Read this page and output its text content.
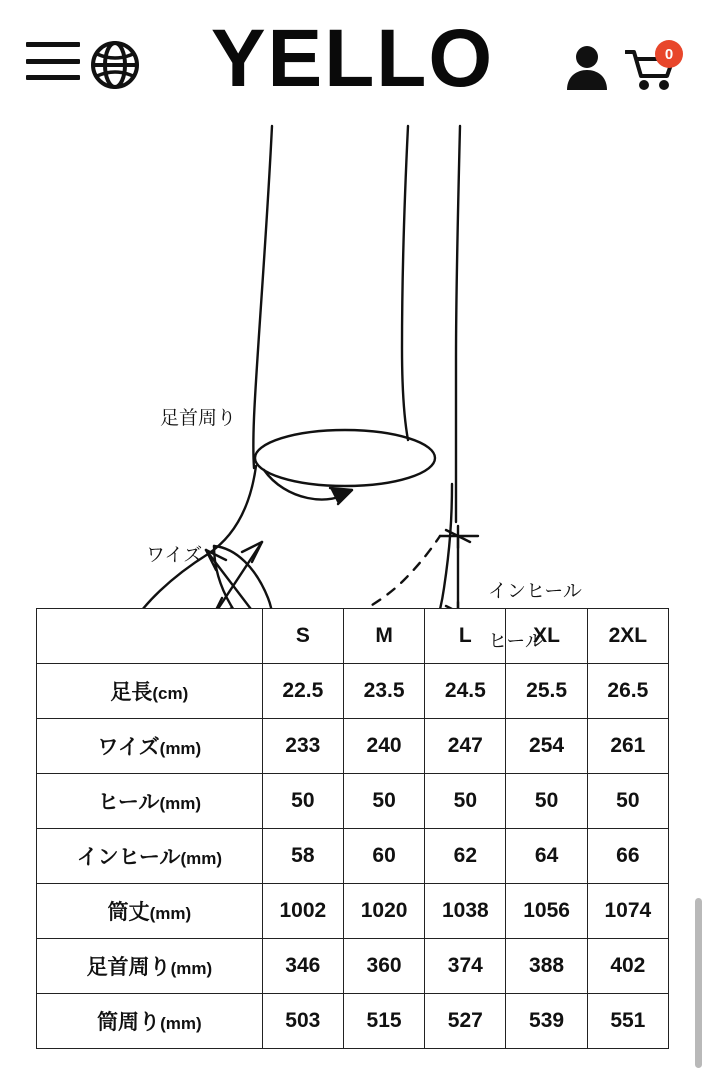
YELLO	0
足首周り
ワイズ
インヒール
ヒール
	S	M	L	XL	2XL
足長(cm)	22.5	23.5	24.5	25.5	26.5
ワイズ(mm)	233	240	247	254	261
ヒール(mm)	50	50	50	50	50
インヒール(mm)	58	60	62	64	66
筒丈(mm)	1002	1020	1038	1056	1074
足首周り(mm)	346	360	374	388	402
筒周り(mm)	503	515	527	539	551
